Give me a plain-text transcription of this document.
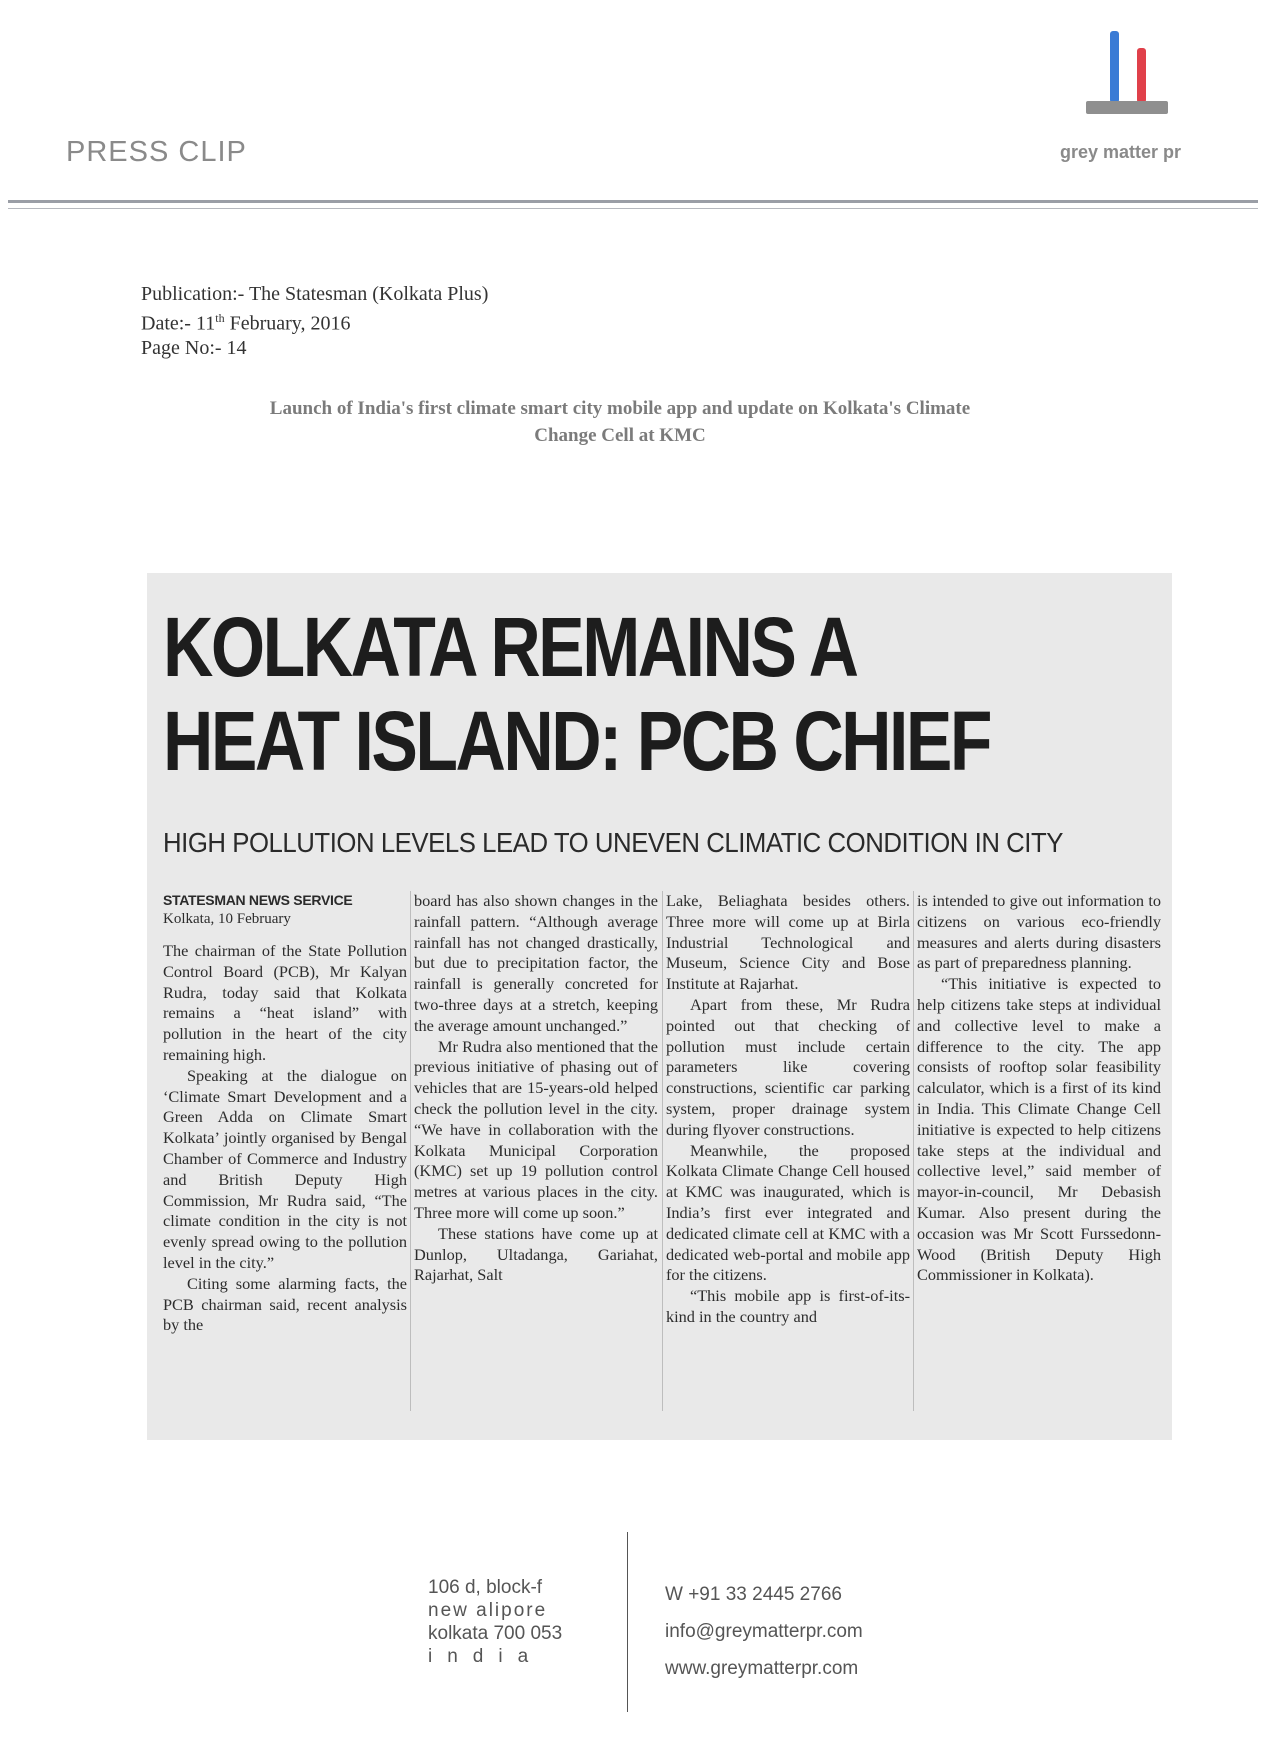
PRESS CLIP	grey matter pr
Publication:- The Statesman (Kolkata Plus)
Date:- 11th February, 2016
Page No:- 14
Launch of India's first climate smart city mobile app and update on Kolkata's Climate
Change Cell at KMC
KOLKATA REMAINS A
HEAT ISLAND: PCB CHIEF
HIGH POLLUTION LEVELS LEAD TO UNEVEN CLIMATIC CONDITION IN CITY
STATESMAN NEWS SERVICE
Kolkata, 10 February

The chairman of the State Pollution Control Board (PCB), Mr Kalyan Rudra, today said that Kolkata remains a “heat island” with pollution in the heart of the city remaining high.

Speaking at the dialogue on ‘Climate Smart Development and a Green Adda on Climate Smart Kolkata’ jointly organised by Bengal Chamber of Commerce and Industry and British Deputy High Commission, Mr Rudra said, “The climate condition in the city is not evenly spread owing to the pollution level in the city.”

Citing some alarming facts, the PCB chairman said, recent analysis by the

board has also shown changes in the rainfall pattern. “Although average rainfall has not changed drastically, but due to precipitation factor, the rainfall is generally concreted for two-three days at a stretch, keeping the average amount unchanged.”

Mr Rudra also mentioned that the previous initiative of phasing out of vehicles that are 15-years-old helped check the pollution level in the city. “We have in collaboration with the Kolkata Municipal Corporation (KMC) set up 19 pollution control metres at various places in the city. Three more will come up soon.”

These stations have come up at Dunlop, Ultadanga, Gariahat, Rajarhat, Salt

Lake, Beliaghata besides others. Three more will come up at Birla Industrial Technological and Museum, Science City and Bose Institute at Rajarhat.

Apart from these, Mr Rudra pointed out that checking of pollution must include certain parameters like covering constructions, scientific car parking system, proper drainage system during flyover constructions.

Meanwhile, the proposed Kolkata Climate Change Cell housed at KMC was inaugurated, which is India’s first ever integrated and dedicated climate cell at KMC with a dedicated web-portal and mobile app for the citizens.

“This mobile app is first-of-its-kind in the country and

is intended to give out information to citizens on various eco-friendly measures and alerts during disasters as part of preparedness planning.

“This initiative is expected to help citizens take steps at individual and collective level to make a difference to the city. The app consists of rooftop solar feasibility calculator, which is a first of its kind in India. This Climate Change Cell initiative is expected to help citizens take steps at the individual and collective level,” said member of mayor-in-council, Mr Debasish Kumar. Also present during the occasion was Mr Scott Furssedonn-Wood (British Deputy High Commissioner in Kolkata).

106 d, block-f
new alipore
kolkata 700 053
india
W +91 33 2445 2766
info@greymatterpr.com
www.greymatterpr.com
